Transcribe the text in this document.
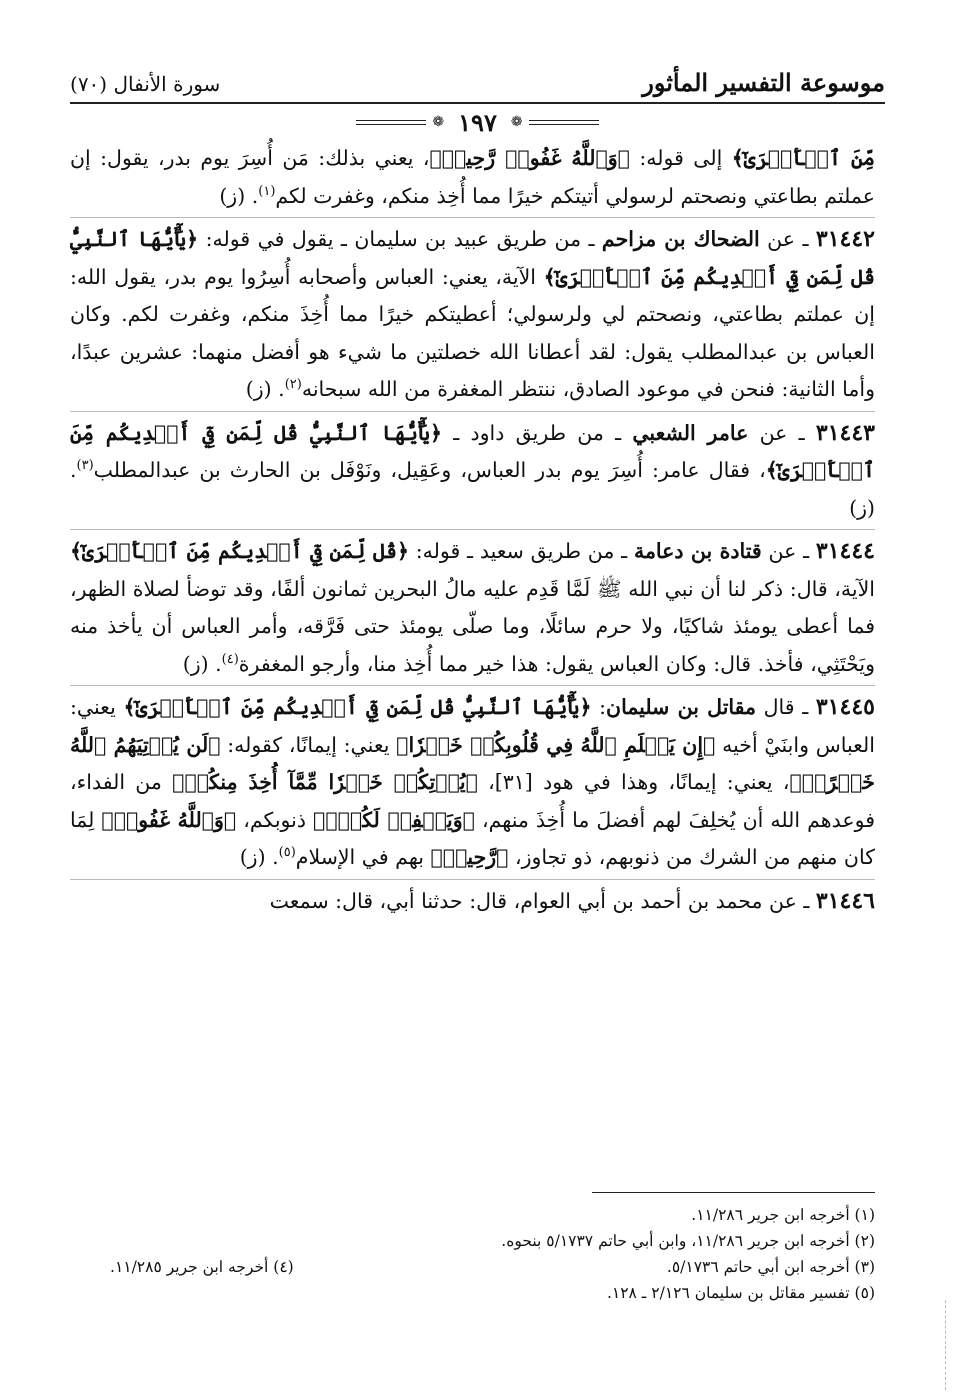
موسوعة التفسير المأثور
سورة الأنفال (٧٠)
❁ ١٩٧ ❁

مِّنَ ٱلۡأَسۡرَىٰٓ﴾ إلى قوله: ﴿وَٱللَّهُ غَفُورٞ رَّحِيمٞ﴾، يعني بذلك: مَن أُسِرَ يوم بدر، يقول: إن عملتم بطاعتي ونصحتم لرسولي أتيتكم خيرًا مما أُخِذ منكم، وغفرت لكم$^{(١)}$. (ز)

٣١٤٤٢ ـ عن الضحاك بن مزاحم ـ من طريق عبيد بن سليمان ـ يقول في قوله: ﴿يَٰٓأَيُّهَا ٱلنَّبِيُّ قُل لِّمَن فِيٓ أَيۡدِيكُم مِّنَ ٱلۡأَسۡرَىٰٓ﴾ الآية، يعني: العباس وأصحابه أُسِرُوا يوم بدر، يقول الله: إن عملتم بطاعتي، ونصحتم لي ولرسولي؛ أعطيتكم خيرًا مما أُخِذَ منكم، وغفرت لكم. وكان العباس بن عبدالمطلب يقول: لقد أعطانا الله خصلتين ما شيء هو أفضل منهما: عشرين عبدًا، وأما الثانية: فنحن في موعود الصادق، ننتظر المغفرة من الله سبحانه$^{(٢)}$. (ز)

٣١٤٤٣ ـ عن عامر الشعبي ـ من طريق داود ـ ﴿يَٰٓأَيُّهَا ٱلنَّبِيُّ قُل لِّمَن فِيٓ أَيۡدِيكُم مِّنَ ٱلۡأَسۡرَىٰٓ﴾، فقال عامر: أُسِرَ يوم بدر العباس، وعَقِيل، ونَوْفَل بن الحارث بن عبدالمطلب$^{(٣)}$. (ز)

٣١٤٤٤ ـ عن قتادة بن دعامة ـ من طريق سعيد ـ قوله: ﴿قُل لِّمَن فِيٓ أَيۡدِيكُم مِّنَ ٱلۡأَسۡرَىٰٓ﴾ الآية، قال: ذكر لنا أن نبي الله ﷺ لَمَّا قَدِم عليه مالُ البحرين ثمانون ألفًا، وقد توضأ لصلاة الظهر، فما أعطى يومئذ شاكيًا، ولا حرم سائلًا، وما صلّى يومئذ حتى فَرَّقه، وأمر العباس أن يأخذ منه ويَحْتَثِي، فأخذ. قال: وكان العباس يقول: هذا خير مما أُخِذ منا، وأرجو المغفرة$^{(٤)}$. (ز)

٣١٤٤٥ ـ قال مقاتل بن سليمان: ﴿يَٰٓأَيُّهَا ٱلنَّبِيُّ قُل لِّمَن فِيٓ أَيۡدِيكُم مِّنَ ٱلۡأَسۡرَىٰٓ﴾ يعني: العباس وابنَيْ أخيه ﴿إِن يَعۡلَمِ ٱللَّهُ فِي قُلُوبِكُمۡ خَيۡرٗا﴾ يعني: إيمانًا، كقوله: ﴿لَن يُؤۡتِيَهُمُ ٱللَّهُ خَيۡرًاۗ﴾، يعني: إيمانًا، وهذا في هود [٣١]، ﴿يُؤۡتِكُمۡ خَيۡرٗا مِّمَّآ أُخِذَ مِنكُمۡ﴾ من الفداء، فوعدهم الله أن يُخلِفَ لهم أفضلَ ما أُخِذَ منهم، ﴿وَيَغۡفِرۡ لَكُمۡۚ﴾ ذنوبكم، ﴿وَٱللَّهُ غَفُورٞ﴾ لِمَا كان منهم من الشرك من ذنوبهم، ذو تجاوز، ﴿رَّحِيمٞ﴾ بهم في الإسلام$^{(٥)}$. (ز)

٣١٤٤٦ ـ عن محمد بن أحمد بن أبي العوام، قال: حدثنا أبي، قال: سمعت

(١) أخرجه ابن جرير ١١/٢٨٦.
(٢) أخرجه ابن جرير ١١/٢٨٦، وابن أبي حاتم ٥/١٧٣٧ بنحوه.
(٣) أخرجه ابن أبي حاتم ٥/١٧٣٦.
(٤) أخرجه ابن جرير ١١/٢٨٥.
(٥) تفسير مقاتل بن سليمان ٢/١٢٦ ـ ١٢٨.
